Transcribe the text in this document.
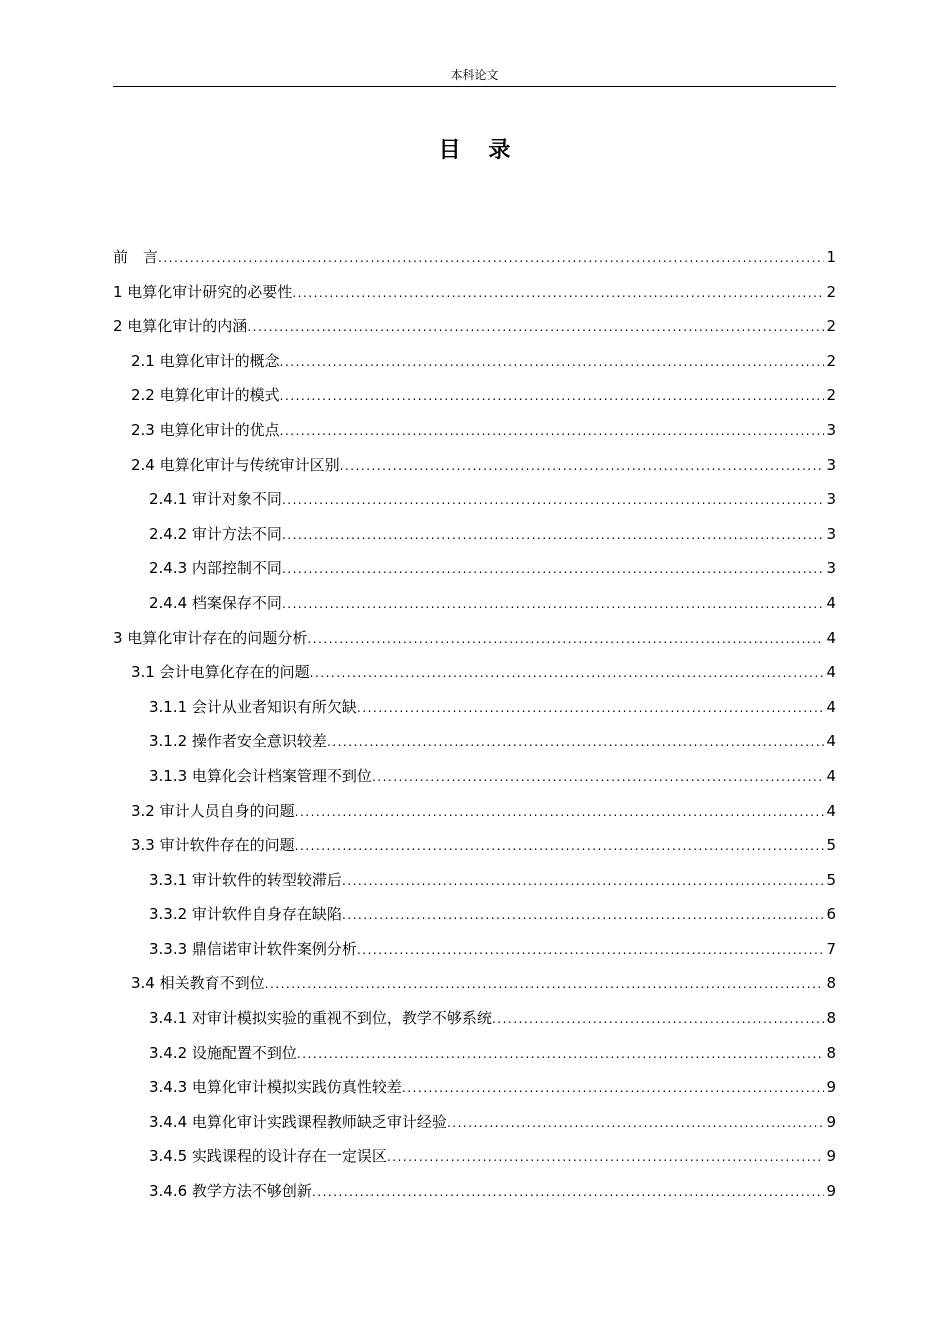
本科论文
目 录
前　言 .....	1
1 电算化审计研究的必要性 .....	2
2 电算化审计的内涵 .....	2
2.1 电算化审计的概念 .....	2
2.2 电算化审计的模式 .....	2
2.3 电算化审计的优点 .....	3
2.4 电算化审计与传统审计区别 .....	3
2.4.1 审计对象不同 .....	3
2.4.2 审计方法不同 .....	3
2.4.3 内部控制不同 .....	3
2.4.4 档案保存不同 .....	4
3 电算化审计存在的问题分析 .....	4
3.1 会计电算化存在的问题 .....	4
3.1.1 会计从业者知识有所欠缺 .....	4
3.1.2 操作者安全意识较差 .....	4
3.1.3 电算化会计档案管理不到位 .....	4
3.2 审计人员自身的问题 .....	4
3.3 审计软件存在的问题 .....	5
3.3.1 审计软件的转型较滞后 .....	5
3.3.2 审计软件自身存在缺陷 .....	6
3.3.3 鼎信诺审计软件案例分析 .....	7
3.4 相关教育不到位 .....	8
3.4.1 对审计模拟实验的重视不到位，教学不够系统 .....	8
3.4.2 设施配置不到位 .....	8
3.4.3 电算化审计模拟实践仿真性较差 .....	9
3.4.4 电算化审计实践课程教师缺乏审计经验 .....	9
3.4.5 实践课程的设计存在一定误区 .....	9
3.4.6 教学方法不够创新 .....	9
